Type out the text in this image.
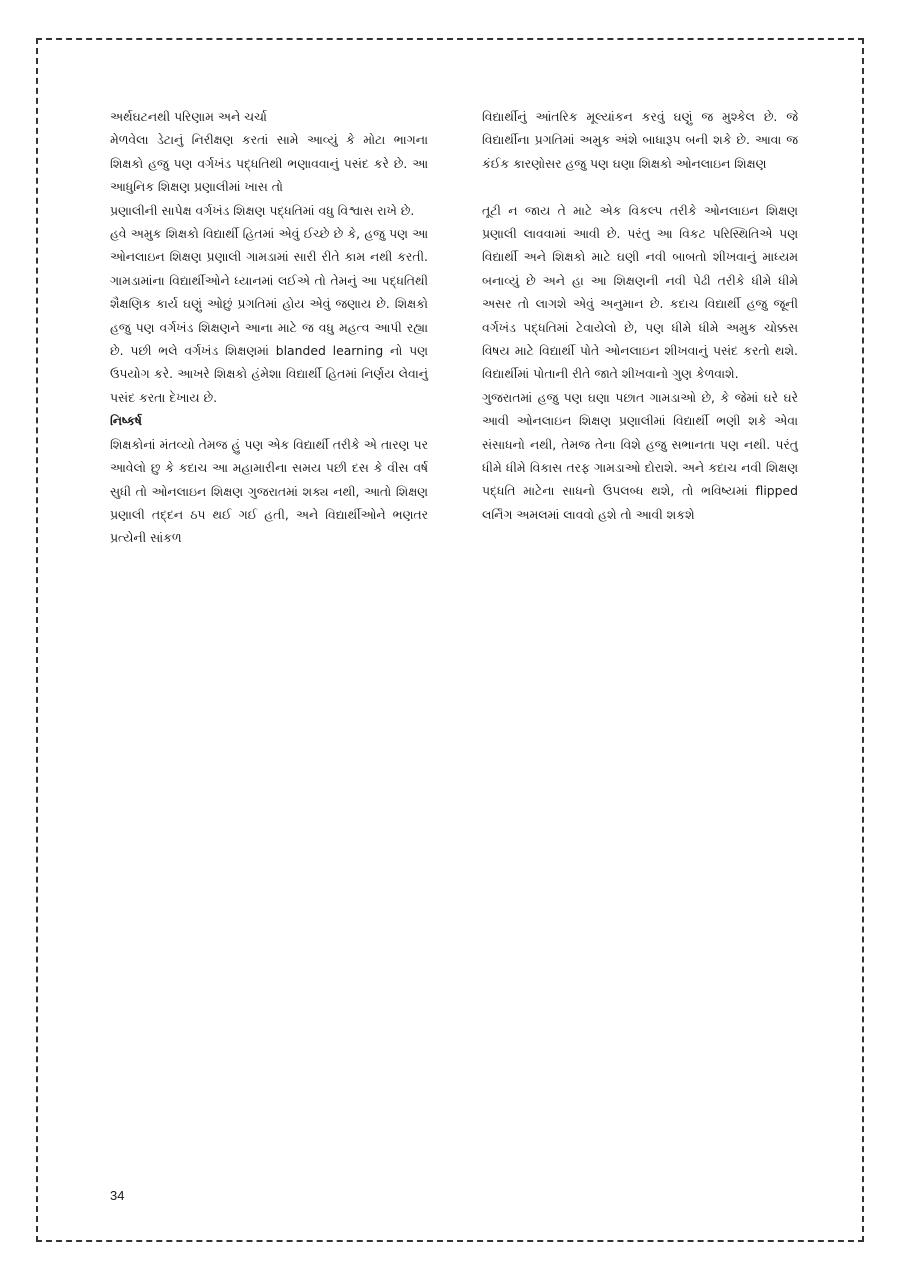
અર્થઘટનથી પરિણામ અને ચર્ચા

મેળવેલા ડેટાનું નિરીક્ષણ કરતાં સામે આવ્યું કે મોટા ભાગના શિક્ષકો હજુ પણ વર્ગખંડ પદ્ધતિથી ભણાવવાનું પસંદ કરે છે. આ આધુનિક શિક્ષણ પ્રણાલીમાં ખાસ તો

પ્રણાલીની સાપેક્ષ વર્ગખંડ શિક્ષણ પદ્ધતિમાં વધુ વિશ્વાસ રાખે છે.

હવે અમુક શિક્ષકો વિદ્યાર્થી હિતમાં એવું ઈચ્છે છે કે, હજુ પણ આ ઓનલાઇન શિક્ષણ પ્રણાલી ગામડામાં સારી રીતે કામ નથી કરતી. ગામડામાંના વિદ્યાર્થીઓને ધ્યાનમાં લઈએ તો તેમનું આ પદ્ધતિથી શૈક્ષણિક કાર્ય ઘણું ઓછું પ્રગતિમાં હોય એવું જણાય છે. શિક્ષકો હજુ પણ વર્ગખંડ શિક્ષણને આના માટે જ વધુ મહત્વ આપી રહ્યા છે. પછી ભલે વર્ગખંડ શિક્ષણમાં blanded learning નો પણ ઉપયોગ કરે. આખરે શિક્ષકો હંમેશા વિદ્યાર્થી હિતમાં નિર્ણય લેવાનું પસંદ કરતા દેખાય છે.

નિષ્કર્ષ

શિક્ષકોનાં મંતવ્યો તેમજ હું પણ એક વિદ્યાર્થી તરીકે એ તારણ પર આવેલો છુ કે કદાચ આ મહામારીના સમય પછી દસ કે વીસ વર્ષ સુધી તો ઓનલાઇન શિક્ષણ ગુજરાતમાં શક્ય નથી, આતો શિક્ષણ પ્રણાલી તદ્દન ઠપ થઈ ગઈ હતી, અને વિદ્યાર્થીઓને ભણતર પ્રત્યેની સાંકળ

વિદ્યાર્થીનું આંતરિક મૂલ્યાંકન કરવું ઘણું જ મુશ્કેલ છે. જે વિદ્યાર્થીના પ્રગતિમાં અમુક અંશે બાધારૂપ બની શકે છે. આવા જ કંઈક કારણોસર હજુ પણ ઘણા શિક્ષકો ઓનલાઇન શિક્ષણ

તૂટી ન જાય તે માટે એક વિકલ્પ તરીકે ઓનલાઇન શિક્ષણ પ્રણાલી લાવવામાં આવી છે. પરંતુ આ વિકટ પરિસ્થિતિએ પણ વિદ્યાર્થી અને શિક્ષકો માટે ઘણી નવી બાબતો શીખવાનું માધ્યમ બનાવ્યું છે અને હા આ શિક્ષણની નવી પેઢી તરીકે ધીમે ધીમે અસર તો લાગશે એવું અનુમાન છે. કદાચ વિદ્યાર્થી હજુ જૂની વર્ગખંડ પદ્ધતિમાં ટેવાયેલો છે, પણ ધીમે ધીમે અમુક ચોક્કસ વિષય માટે વિદ્યાર્થી પોતે ઓનલાઇન શીખવાનું પસંદ કરતો થશે. વિદ્યાર્થીમાં પોતાની રીતે જાતે શીખવાનો ગુણ કેળવાશે.

ગુજરાતમાં હજુ પણ ઘણા પછાત ગામડાઓ છે, કે જેમાં ઘરે ઘરે આવી ઓનલાઇન શિક્ષણ પ્રણાલીમાં વિદ્યાર્થી ભણી શકે એવા સંસાધનો નથી, તેમજ તેના વિશે હજુ સભાનતા પણ નથી. પરંતુ ધીમે ધીમે વિકાસ તરફ ગામડાઓ દોરાશે. અને કદાચ નવી શિક્ષણ પદ્ધતિ માટેના સાધનો ઉપલબ્ધ થશે, તો ભવિષ્યમાં flipped લર્નિંગ અમલમાં લાવવો હશે તો આવી શકશે

34
